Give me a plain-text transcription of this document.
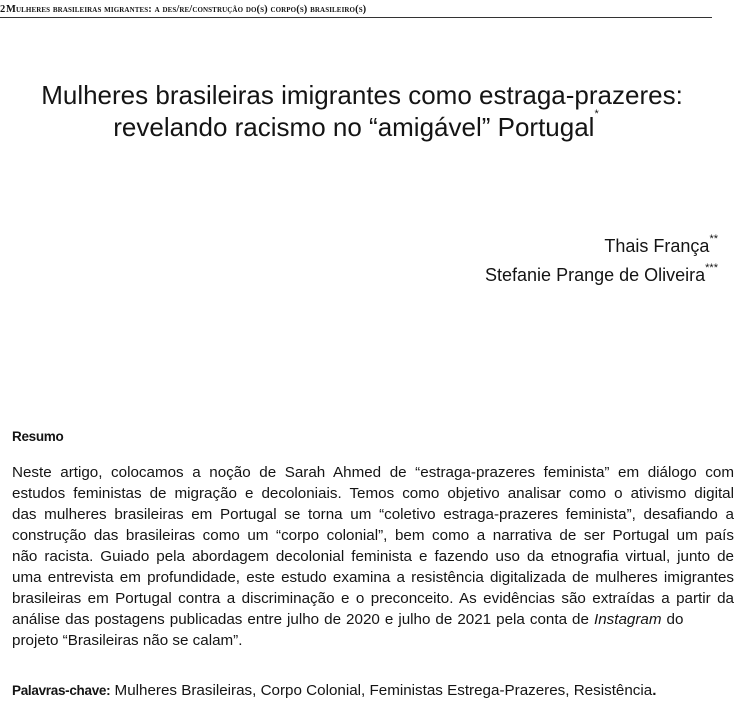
2Mulheres brasileiras migrantes: a des/re/construção do(s) corpo(s) brasileiro(s)
Mulheres brasileiras imigrantes como estraga-prazeres:
revelando racismo no “amigável” Portugal*
Thais França**
Stefanie Prange de Oliveira***
Resumo
Neste artigo, colocamos a noção de Sarah Ahmed de “estraga-prazeres feminista” em diálogo com
estudos feministas de migração e decoloniais. Temos como objetivo analisar como o ativismo digital
das mulheres brasileiras em Portugal se torna um “coletivo estraga-prazeres feminista”, desafiando a
construção das brasileiras como um “corpo colonial”, bem como a narrativa de ser Portugal um país
não racista. Guiado pela abordagem decolonial feminista e fazendo uso da etnografia virtual, junto de
uma entrevista em profundidade, este estudo examina a resistência digitalizada de mulheres imigrantes
brasileiras em Portugal contra a discriminação e o preconceito. As evidências são extraídas a partir da
análise das postagens publicadas entre julho de 2020 e julho de 2021 pela conta de Instagram do
projeto “Brasileiras não se calam”.
Palavras-chave: Mulheres Brasileiras, Corpo Colonial, Feministas Estrega-Prazeres, Resistência.
